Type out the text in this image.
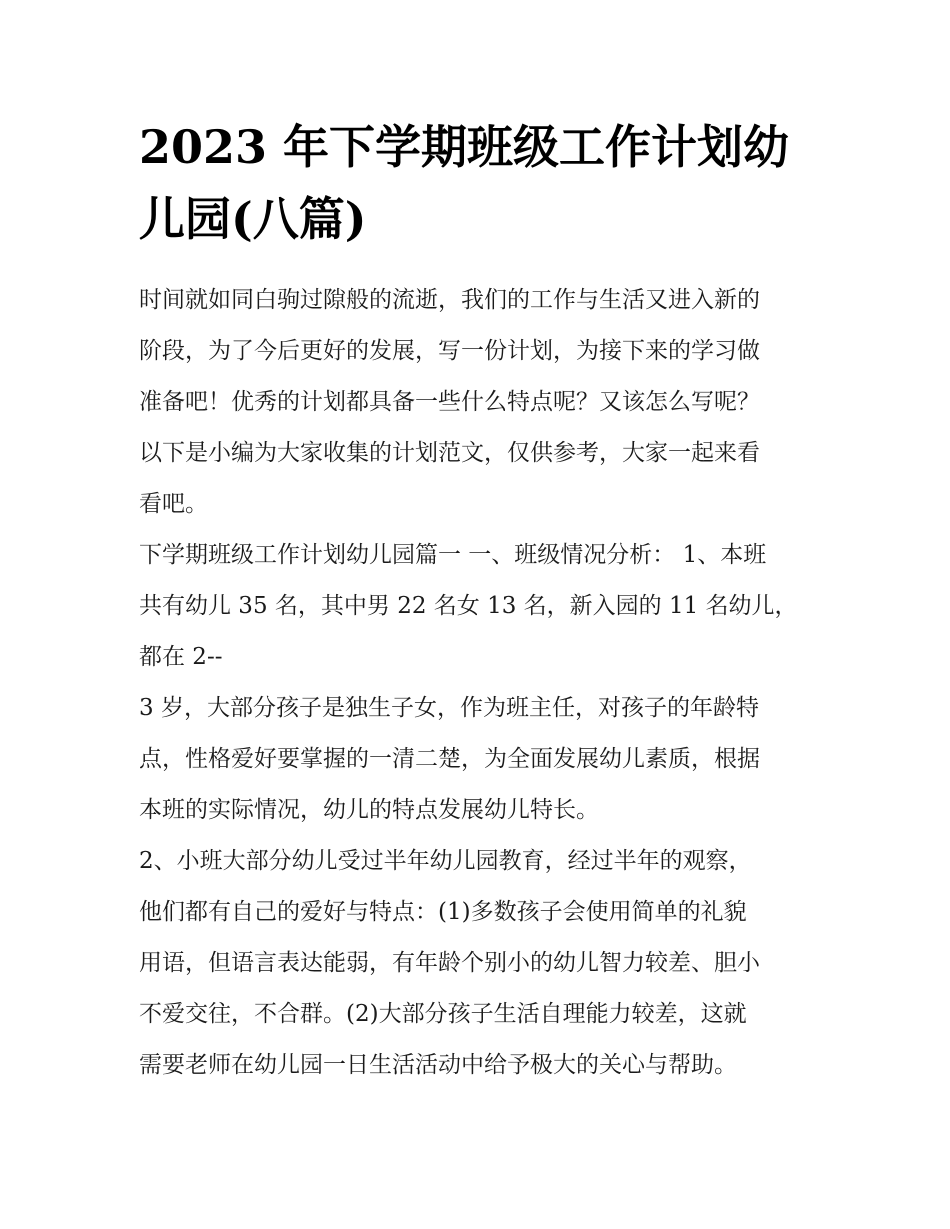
2023 年下学期班级工作计划幼
儿园(八篇)
时间就如同白驹过隙般的流逝，我们的工作与生活又进入新的
阶段，为了今后更好的发展，写一份计划，为接下来的学习做
准备吧！优秀的计划都具备一些什么特点呢？又该怎么写呢？
以下是小编为大家收集的计划范文，仅供参考，大家一起来看
看吧。
下学期班级工作计划幼儿园篇一 一、班级情况分析： 1、本班
共有幼儿 35 名，其中男 22 名女 13 名，新入园的 11 名幼儿，
都在 2--
3 岁，大部分孩子是独生子女，作为班主任，对孩子的年龄特
点，性格爱好要掌握的一清二楚，为全面发展幼儿素质，根据
本班的实际情况，幼儿的特点发展幼儿特长。
2、小班大部分幼儿受过半年幼儿园教育，经过半年的观察，
他们都有自己的爱好与特点：(1)多数孩子会使用简单的礼貌
用语，但语言表达能弱，有年龄个别小的幼儿智力较差、胆小
不爱交往，不合群。(2)大部分孩子生活自理能力较差，这就
需要老师在幼儿园一日生活活动中给予极大的关心与帮助。
